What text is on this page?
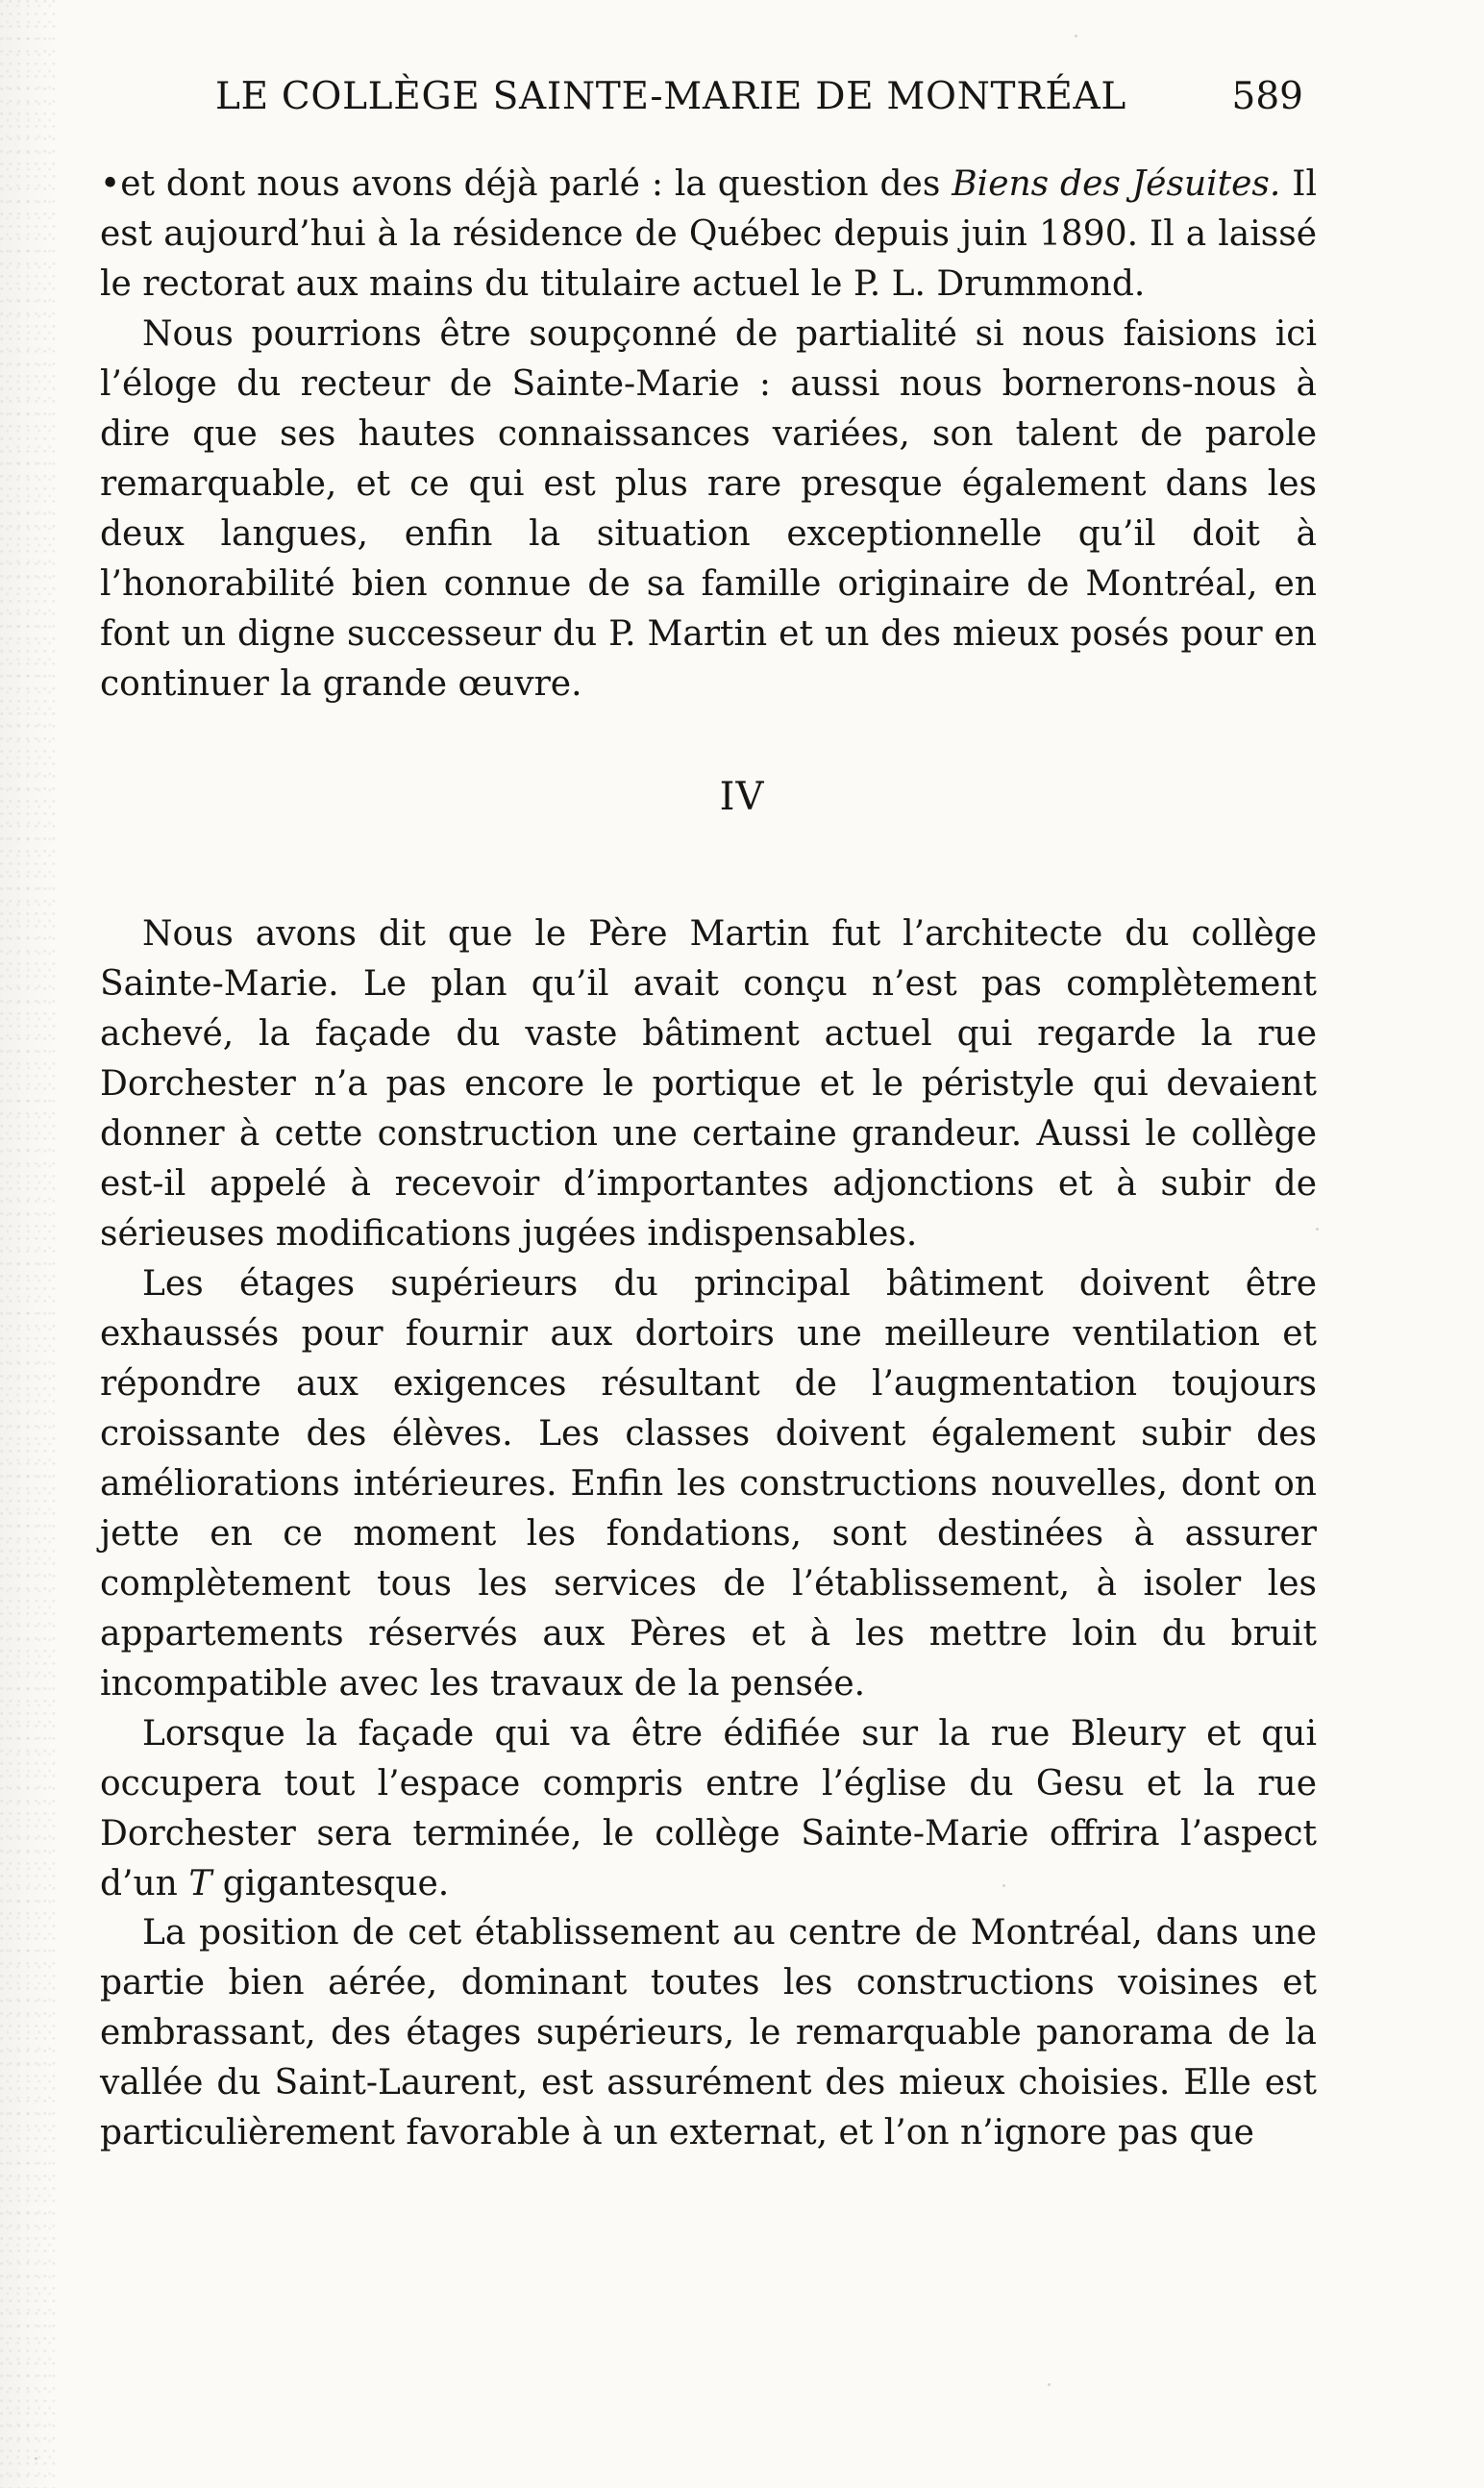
LE COLLÈGE SAINTE-MARIE DE MONTRÉAL	589

•et dont nous avons déjà parlé : la question des Biens des Jésuites. Il est aujourd’hui à la résidence de Québec depuis juin 1890. Il a laissé le rectorat aux mains du titulaire actuel le P. L. Drummond.

Nous pourrions être soupçonné de partialité si nous faisions ici l’éloge du recteur de Sainte-Marie : aussi nous bornerons-nous à dire que ses hautes connaissances variées, son talent de parole remarquable, et ce qui est plus rare presque également dans les deux langues, enfin la situation exceptionnelle qu’il doit à l’honorabilité bien connue de sa famille originaire de Montréal, en font un digne successeur du P. Martin et un des mieux posés pour en continuer la grande œuvre.

IV

Nous avons dit que le Père Martin fut l’architecte du collège Sainte-Marie. Le plan qu’il avait conçu n’est pas complètement achevé, la façade du vaste bâtiment actuel qui regarde la rue Dorchester n’a pas encore le portique et le péristyle qui devaient donner à cette construction une certaine grandeur. Aussi le collège est-il appelé à recevoir d’importantes adjonctions et à subir de sérieuses modifications jugées indispensables.

Les étages supérieurs du principal bâtiment doivent être exhaussés pour fournir aux dortoirs une meilleure ventilation et répondre aux exigences résultant de l’augmentation toujours croissante des élèves. Les classes doivent également subir des améliorations intérieures. Enfin les constructions nouvelles, dont on jette en ce moment les fondations, sont destinées à assurer complètement tous les services de l’établissement, à isoler les appartements réservés aux Pères et à les mettre loin du bruit incompatible avec les travaux de la pensée.

Lorsque la façade qui va être édifiée sur la rue Bleury et qui occupera tout l’espace compris entre l’église du Gesu et la rue Dorchester sera terminée, le collège Sainte-Marie offrira l’aspect d’un T gigantesque.

La position de cet établissement au centre de Montréal, dans une partie bien aérée, dominant toutes les constructions voisines et embrassant, des étages supérieurs, le remarquable panorama de la vallée du Saint-Laurent, est assurément des mieux choisies. Elle est particulièrement favorable à un externat, et l’on n’ignore pas que
